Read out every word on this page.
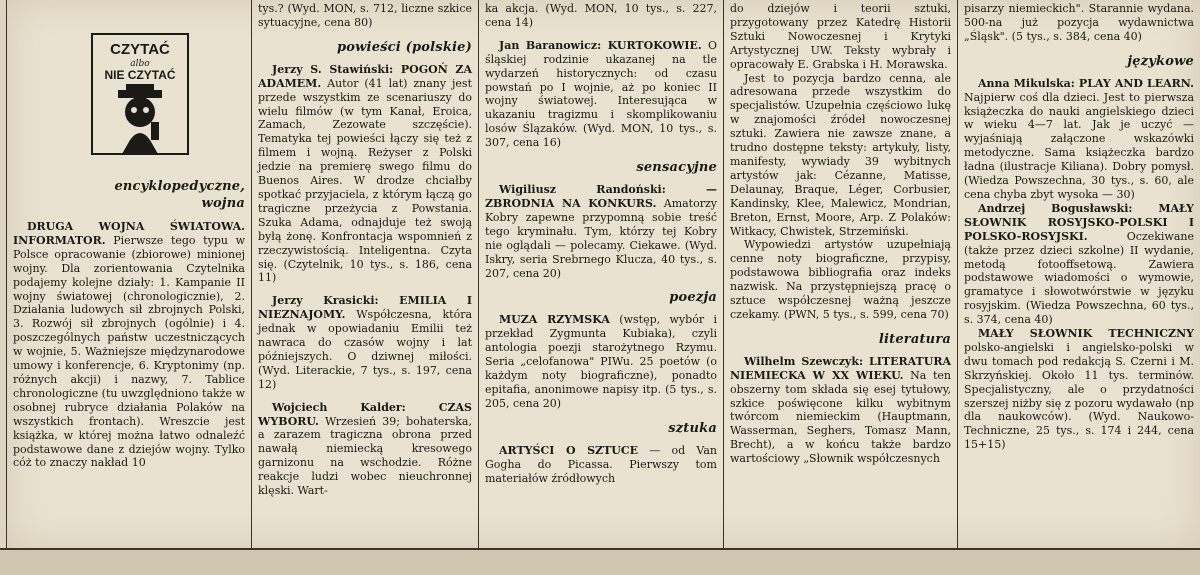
CZYTAĆ
albo
NIE CZYTAĆ
encyklopedyczne,
wojna

DRUGA WOJNA ŚWIATOWA. INFORMATOR. Pierwsze tego typu w Polsce opracowanie (zbiorowe) minionej wojny. Dla zorientowania Czytelnika podajemy kolejne działy: 1. Kampanie II wojny światowej (chronologicznie), 2. Działania ludowych sił zbrojnych Polski, 3. Rozwój sił zbrojnych (ogólnie) i 4. poszczególnych państw uczestniczących w wojnie, 5. Ważniejsze międzynarodowe umowy i konferencje, 6. Kryptonimy (np. różnych akcji) i nazwy, 7. Tablice chronologiczne (tu uwzględniono także w osobnej rubryce działania Polaków na wszystkich frontach). Wreszcie jest książka, w której można łatwo odnaleźć podstawowe dane z dziejów wojny. Tylko cóż to znaczy nakład 10

tys.? (Wyd. MON, s. 712, liczne szkice sytuacyjne, cena 80)

powieści (polskie)

Jerzy S. Stawiński: POGOŃ ZA ADAMEM. Autor (41 lat) znany jest przede wszystkim ze scenariuszy do wielu filmów (w tym Kanał, Eroica, Zamach, Zezowate szczęście). Tematyka tej powieści łączy się też z filmem i wojną. Reżyser z Polski jedzie na premierę swego filmu do Buenos Aires. W drodze chciałby spotkać przyjaciela, z którym łączą go tragiczne przeżycia z Powstania. Szuka Adama, odnajduje też swoją byłą żonę. Konfrontacja wspomnień z rzeczywistością. Inteligentna. Czyta się. (Czytelnik, 10 tys., s. 186, cena 11)

Jerzy Krasicki: EMILIA I NIEZNAJOMY. Współczesna, która jednak w opowiadaniu Emilii też nawraca do czasów wojny i lat późniejszych. O dziwnej miłości. (Wyd. Literackie, 7 tys., s. 197, cena 12)

Wojciech Kalder: CZAS WYBORU. Wrzesień 39; bohaterska, a zarazem tragiczna obrona przed nawałą niemiecką kresowego garnizonu na wschodzie. Różne reakcje ludzi wobec nieuchronnej klęski. Wart-

ka akcja. (Wyd. MON, 10 tys., s. 227, cena 14)

Jan Baranowicz: KURTOKOWIE. O śląskiej rodzinie ukazanej na tle wydarzeń historycznych: od czasu powstań po I wojnie, aż po koniec II wojny światowej. Interesująca w ukazaniu tragizmu i skomplikowaniu losów Ślązaków. (Wyd. MON, 10 tys., s. 307, cena 16)

sensacyjne

Wigiliusz Randoński: — ZBRODNIA NA KONKURS. Amatorzy Kobry zapewne przypomną sobie treść tego kryminału. Tym, którzy tej Kobry nie oglądali — polecamy. Ciekawe. (Wyd. Iskry, seria Srebrnego Klucza, 40 tys., s. 207, cena 20)

poezja

MUZA RZYMSKA (wstęp, wybór i przekład Zygmunta Kubiaka), czyli antologia poezji starożytnego Rzymu. Seria „celofanowa" PIWu. 25 poetów (o każdym noty biograficzne), ponadto epitafia, anonimowe napisy itp. (5 tys., s. 205, cena 20)

sztuka

ARTYŚCI O SZTUCE — od Van Gogha do Picassa. Pierwszy tom materiałów źródłowych

do dziejów i teorii sztuki, przygotowany przez Katedrę Historii Sztuki Nowoczesnej i Krytyki Artystycznej UW. Teksty wybrały i opracowały E. Grabska i H. Morawska.

Jest to pozycja bardzo cenna, ale adresowana przede wszystkim do specjalistów. Uzupełnia częściowo lukę w znajomości źródeł nowoczesnej sztuki. Zawiera nie zawsze znane, a trudno dostępne teksty: artykuły, listy, manifesty, wywiady 39 wybitnych artystów jak: Cézanne, Matisse, Delaunay, Braque, Léger, Corbusier, Kandinsky, Klee, Malewicz, Mondrian, Breton, Ernst, Moore, Arp. Z Polaków: Witkacy, Chwistek, Strzemiński.

Wypowiedzi artystów uzupełniają cenne noty biograficzne, przypisy, podstawowa bibliografia oraz indeks nazwisk. Na przystępniejszą pracę o sztuce współczesnej ważną jeszcze czekamy. (PWN, 5 tys., s. 599, cena 70)

literatura

Wilhelm Szewczyk: LITERATURA NIEMIECKA W XX WIEKU. Na ten obszerny tom składa się esej tytułowy, szkice poświęcone kilku wybitnym twórcom niemieckim (Hauptmann, Wasserman, Seghers, Tomasz Mann, Brecht), a w końcu także bardzo wartościowy „Słownik współczesnych

pisarzy niemieckich". Starannie wydana. 500-na już pozycja wydawnictwa „Śląsk". (5 tys., s. 384, cena 40)

językowe

Anna Mikulska: PLAY AND LEARN. Najpierw coś dla dzieci. Jest to pierwsza książeczka do nauki angielskiego dzieci w wieku 4—7 lat. Jak je uczyć — wyjaśniają załączone wskazówki metodyczne. Sama książeczka bardzo ładna (ilustracje Kiliana). Dobry pomysł. (Wiedza Powszechna, 30 tys., s. 60, ale cena chyba zbyt wysoka — 30)

Andrzej Bogusławski: MAŁY SŁOWNIK ROSYJSKO-POLSKI I POLSKO-ROSYJSKI.	Oczekiwane (także przez dzieci szkolne) II wydanie, metodą fotooffsetową. Zawiera podstawowe wiadomości o wymowie, gramatyce i słowotwórstwie w języku rosyjskim. (Wiedza Powszechna, 60 tys., s. 374, cena 40)

MAŁY SŁOWNIK TECHNICZNY polsko-angielski i angielsko-polski w dwu tomach pod redakcją S. Czerni i M. Skrzyńskiej. Około 11 tys. terminów. Specjalistyczny, ale o przydatności szerszej niżby się z pozoru wydawało (np dla naukowców). (Wyd. Naukowo-Techniczne, 25 tys., s. 174 i 244, cena 15+15)
